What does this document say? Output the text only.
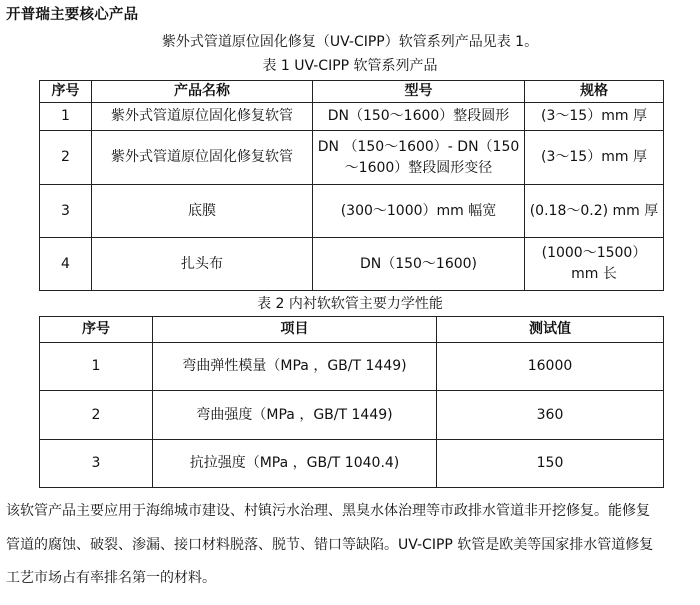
开普瑞主要核心产品
紫外式管道原位固化修复（UV-CIPP）软管系列产品见表 1。
表 1 UV-CIPP 软管系列产品
序号	产品名称	型号	规格
1	紫外式管道原位固化修复软管	DN（150～1600）整段圆形	(3～15）mm 厚
2	紫外式管道原位固化修复软管	DN （150～1600）- DN（150～1600）整段圆形变径	(3～15）mm 厚
3	底膜	(300～1000）mm 幅宽	(0.18～0.2) mm 厚
4	扎头布	DN（150～1600)	(1000～1500）mm 长
表 2 内衬软软管主要力学性能
序号	项目	测试值
1	弯曲弹性模量（MPa ，GB/T 1449)	16000
2	弯曲强度（MPa ，GB/T 1449)	360
3	抗拉强度（MPa ，GB/T 1040.4)	150

该软管产品主要应用于海绵城市建设、村镇污水治理、黑臭水体治理等市政排水管道非开挖修复。能修复

管道的腐蚀、破裂、渗漏、接口材料脱落、脱节、错口等缺陷。UV-CIPP 软管是欧美等国家排水管道修复

工艺市场占有率排名第一的材料。
